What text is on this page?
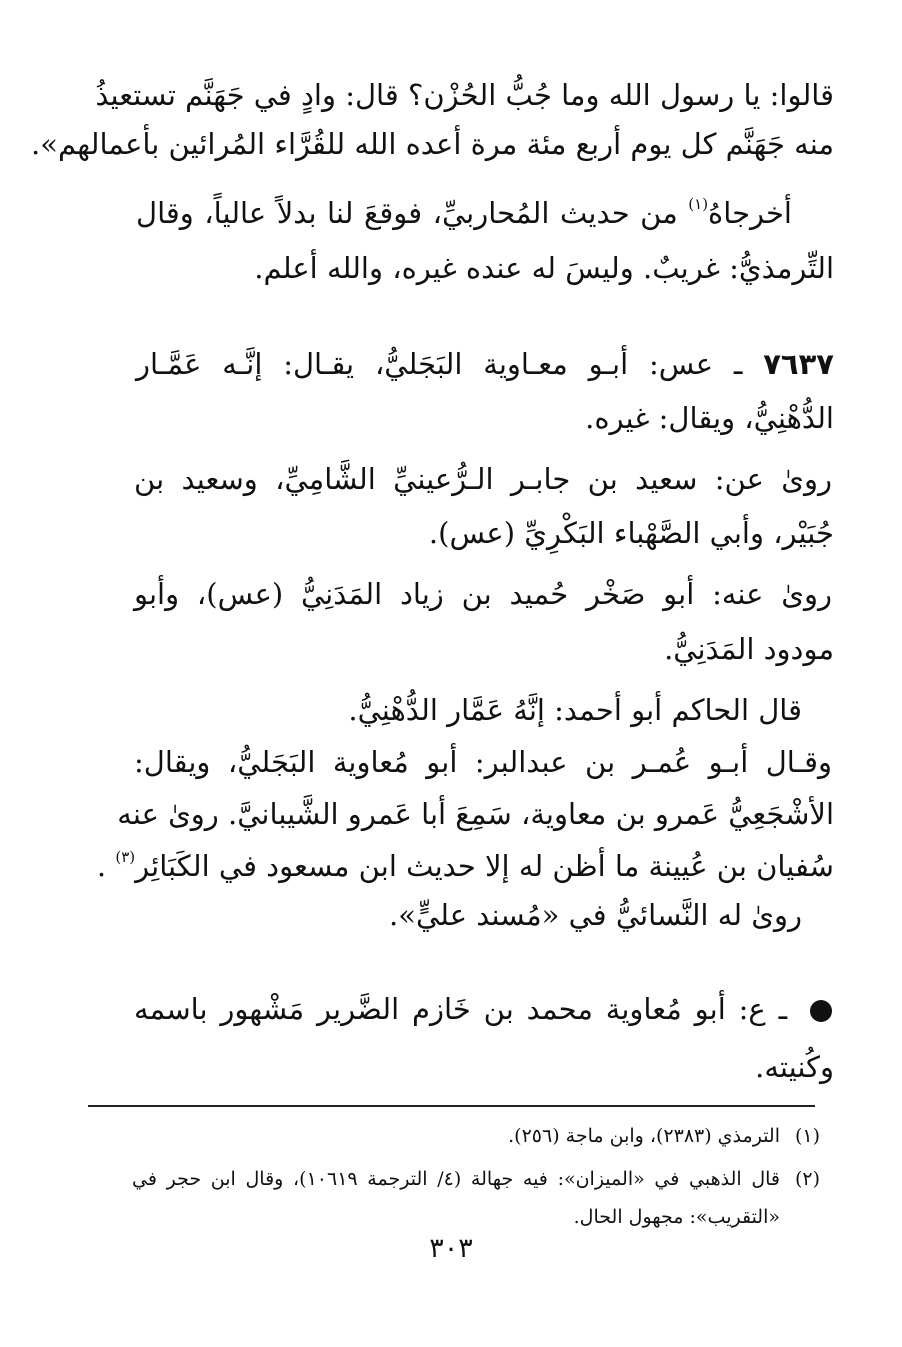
قالوا: يا رسول الله وما جُبُّ الحُزْن؟ قال: وادٍ في جَهَنَّم تستعيذُ
منه جَهَنَّم كل يوم أربع مئة مرة أعده الله للقُرَّاء المُرائين بأعمالهم».
أخرجاهُ$^{(١)}$ من حديث المُحاربيِّ، فوقعَ لنا بدلاً عالياً، وقال
التِّرمذيُّ: غريبٌ. وليسَ له عنده غيره، والله أعلم.
٧٦٣٧ ـ عس: أبـو معـاوية البَجَليُّ، يقـال: إنَّـه عَمَّـار
الدُّهْنِيُّ، ويقال: غيره.
روىٰ عن: سعيد بن جابـر الـرُّعينيِّ الشَّامِيِّ، وسعيد بن
جُبَيْر، وأبي الصَّهْباء البَكْرِيِّ (عس).
روىٰ عنه: أبو صَخْر حُميد بن زياد المَدَنِيُّ (عس)، وأبو
مودود المَدَنِيُّ.
قال الحاكم أبو أحمد: إنَّهُ عَمَّار الدُّهْنِيُّ.
وقـال أبـو عُمـر بن عبدالبر: أبو مُعاوية البَجَليُّ، ويقال:
الأشْجَعِيُّ عَمرو بن معاوية، سَمِعَ أبا عَمرو الشَّيبانيَّ. روىٰ عنه
سُفيان بن عُيينة ما أظن له إلا حديث ابن مسعود في الكَبَائِر$^{(٣)}$ .
روىٰ له النَّسائيُّ في «مُسند عليٍّ».
ـ ع: أبو مُعاوية محمد بن خَازم الضَّرير مَشْهور باسمه
وكُنيته.
(١)الترمذي (٢٣٨٣)، وابن ماجة (٢٥٦).
(٢)قال الذهبي في «الميزان»: فيه جهالة (٤/ الترجمة ١٠٦١٩)، وقال ابن حجر في
«التقريب»: مجهول الحال.
٣٠٣
